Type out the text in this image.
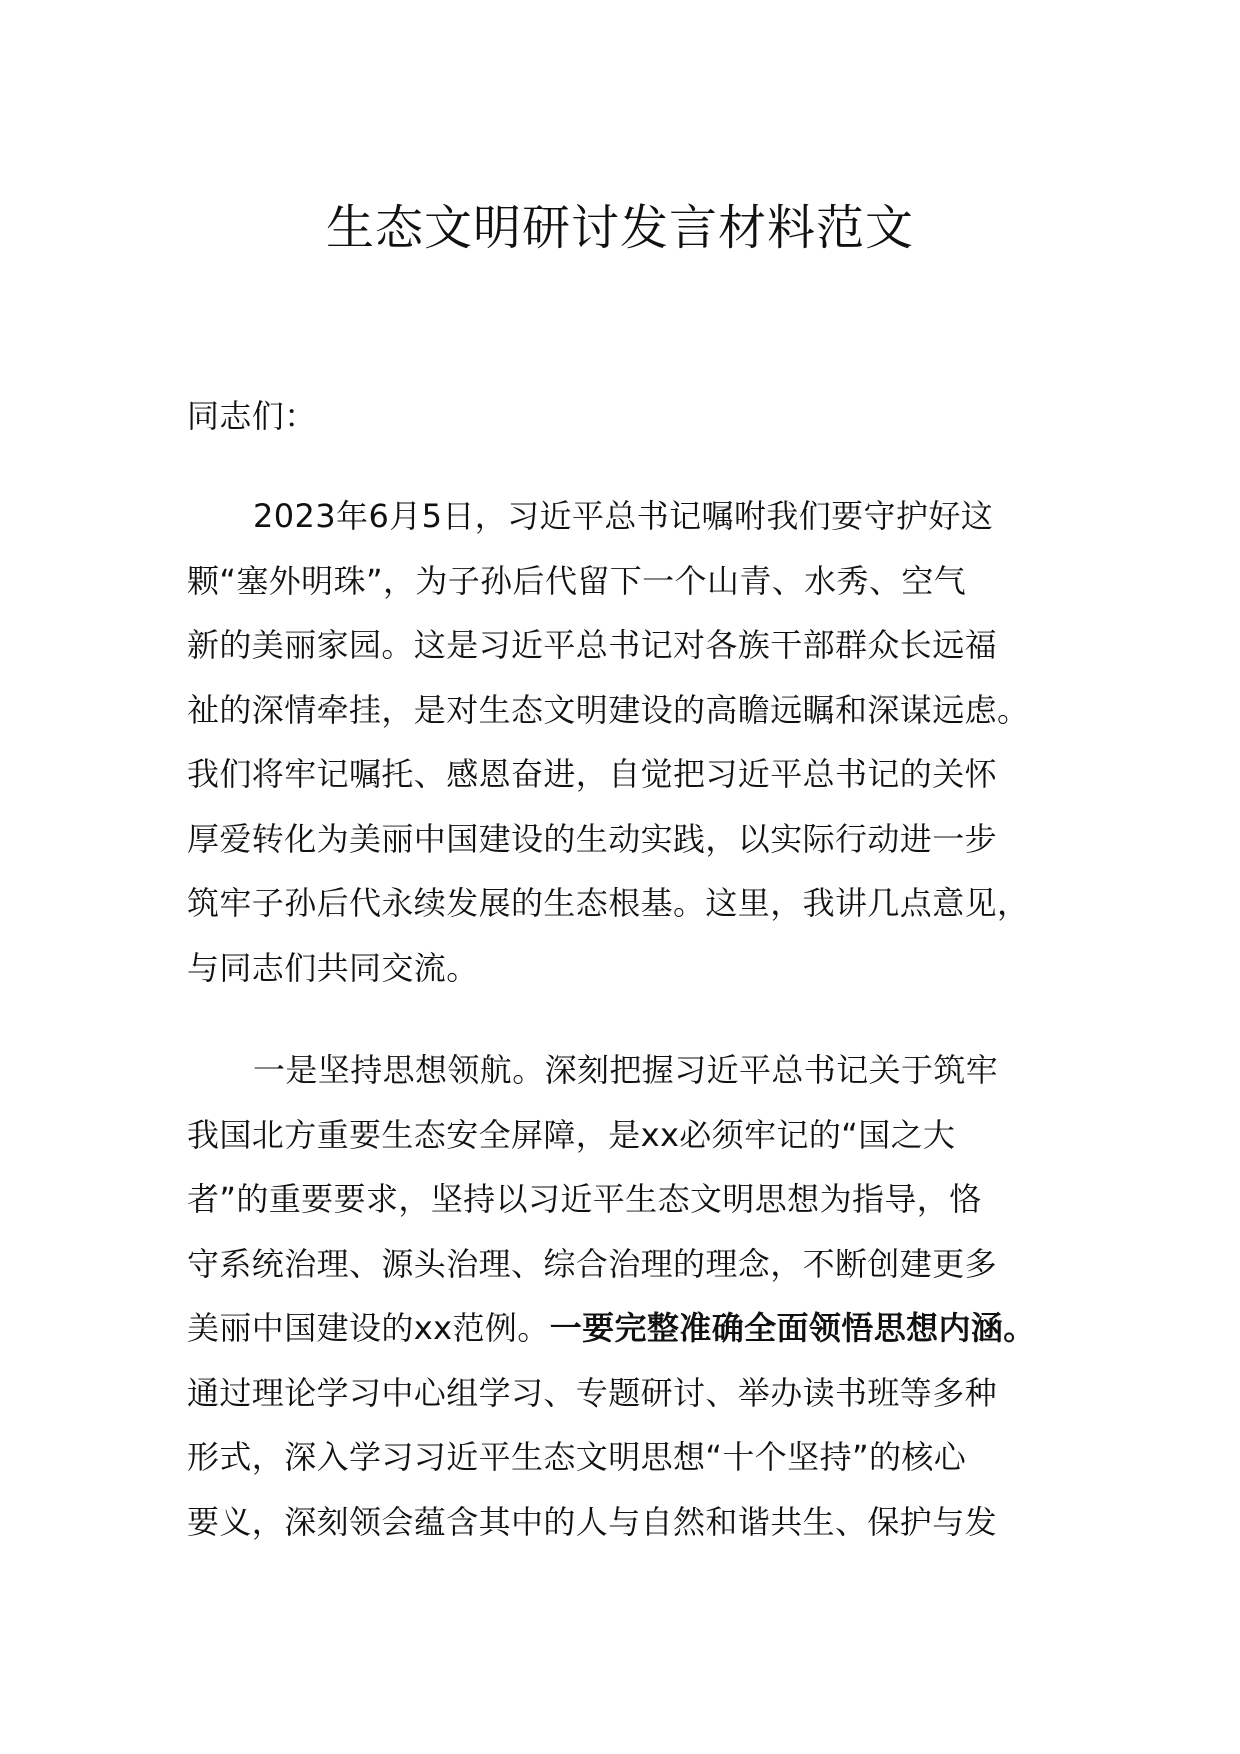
生态文明研讨发言材料范文
同志们：
2023年6月5日，习近平总书记嘱咐我们要守护好这
颗“塞外明珠”，为子孙后代留下一个山青、水秀、空气
新的美丽家园。这是习近平总书记对各族干部群众长远福
祉的深情牵挂，是对生态文明建设的高瞻远瞩和深谋远虑。
我们将牢记嘱托、感恩奋进，自觉把习近平总书记的关怀
厚爱转化为美丽中国建设的生动实践，以实际行动进一步
筑牢子孙后代永续发展的生态根基。这里，我讲几点意见，
与同志们共同交流。
一是坚持思想领航。深刻把握习近平总书记关于筑牢
我国北方重要生态安全屏障，是xx必须牢记的“国之大
者”的重要要求，坚持以习近平生态文明思想为指导，恪
守系统治理、源头治理、综合治理的理念，不断创建更多
美丽中国建设的xx范例。一要完整准确全面领悟思想内涵。
通过理论学习中心组学习、专题研讨、举办读书班等多种
形式，深入学习习近平生态文明思想“十个坚持”的核心
要义，深刻领会蕴含其中的人与自然和谐共生、保护与发
